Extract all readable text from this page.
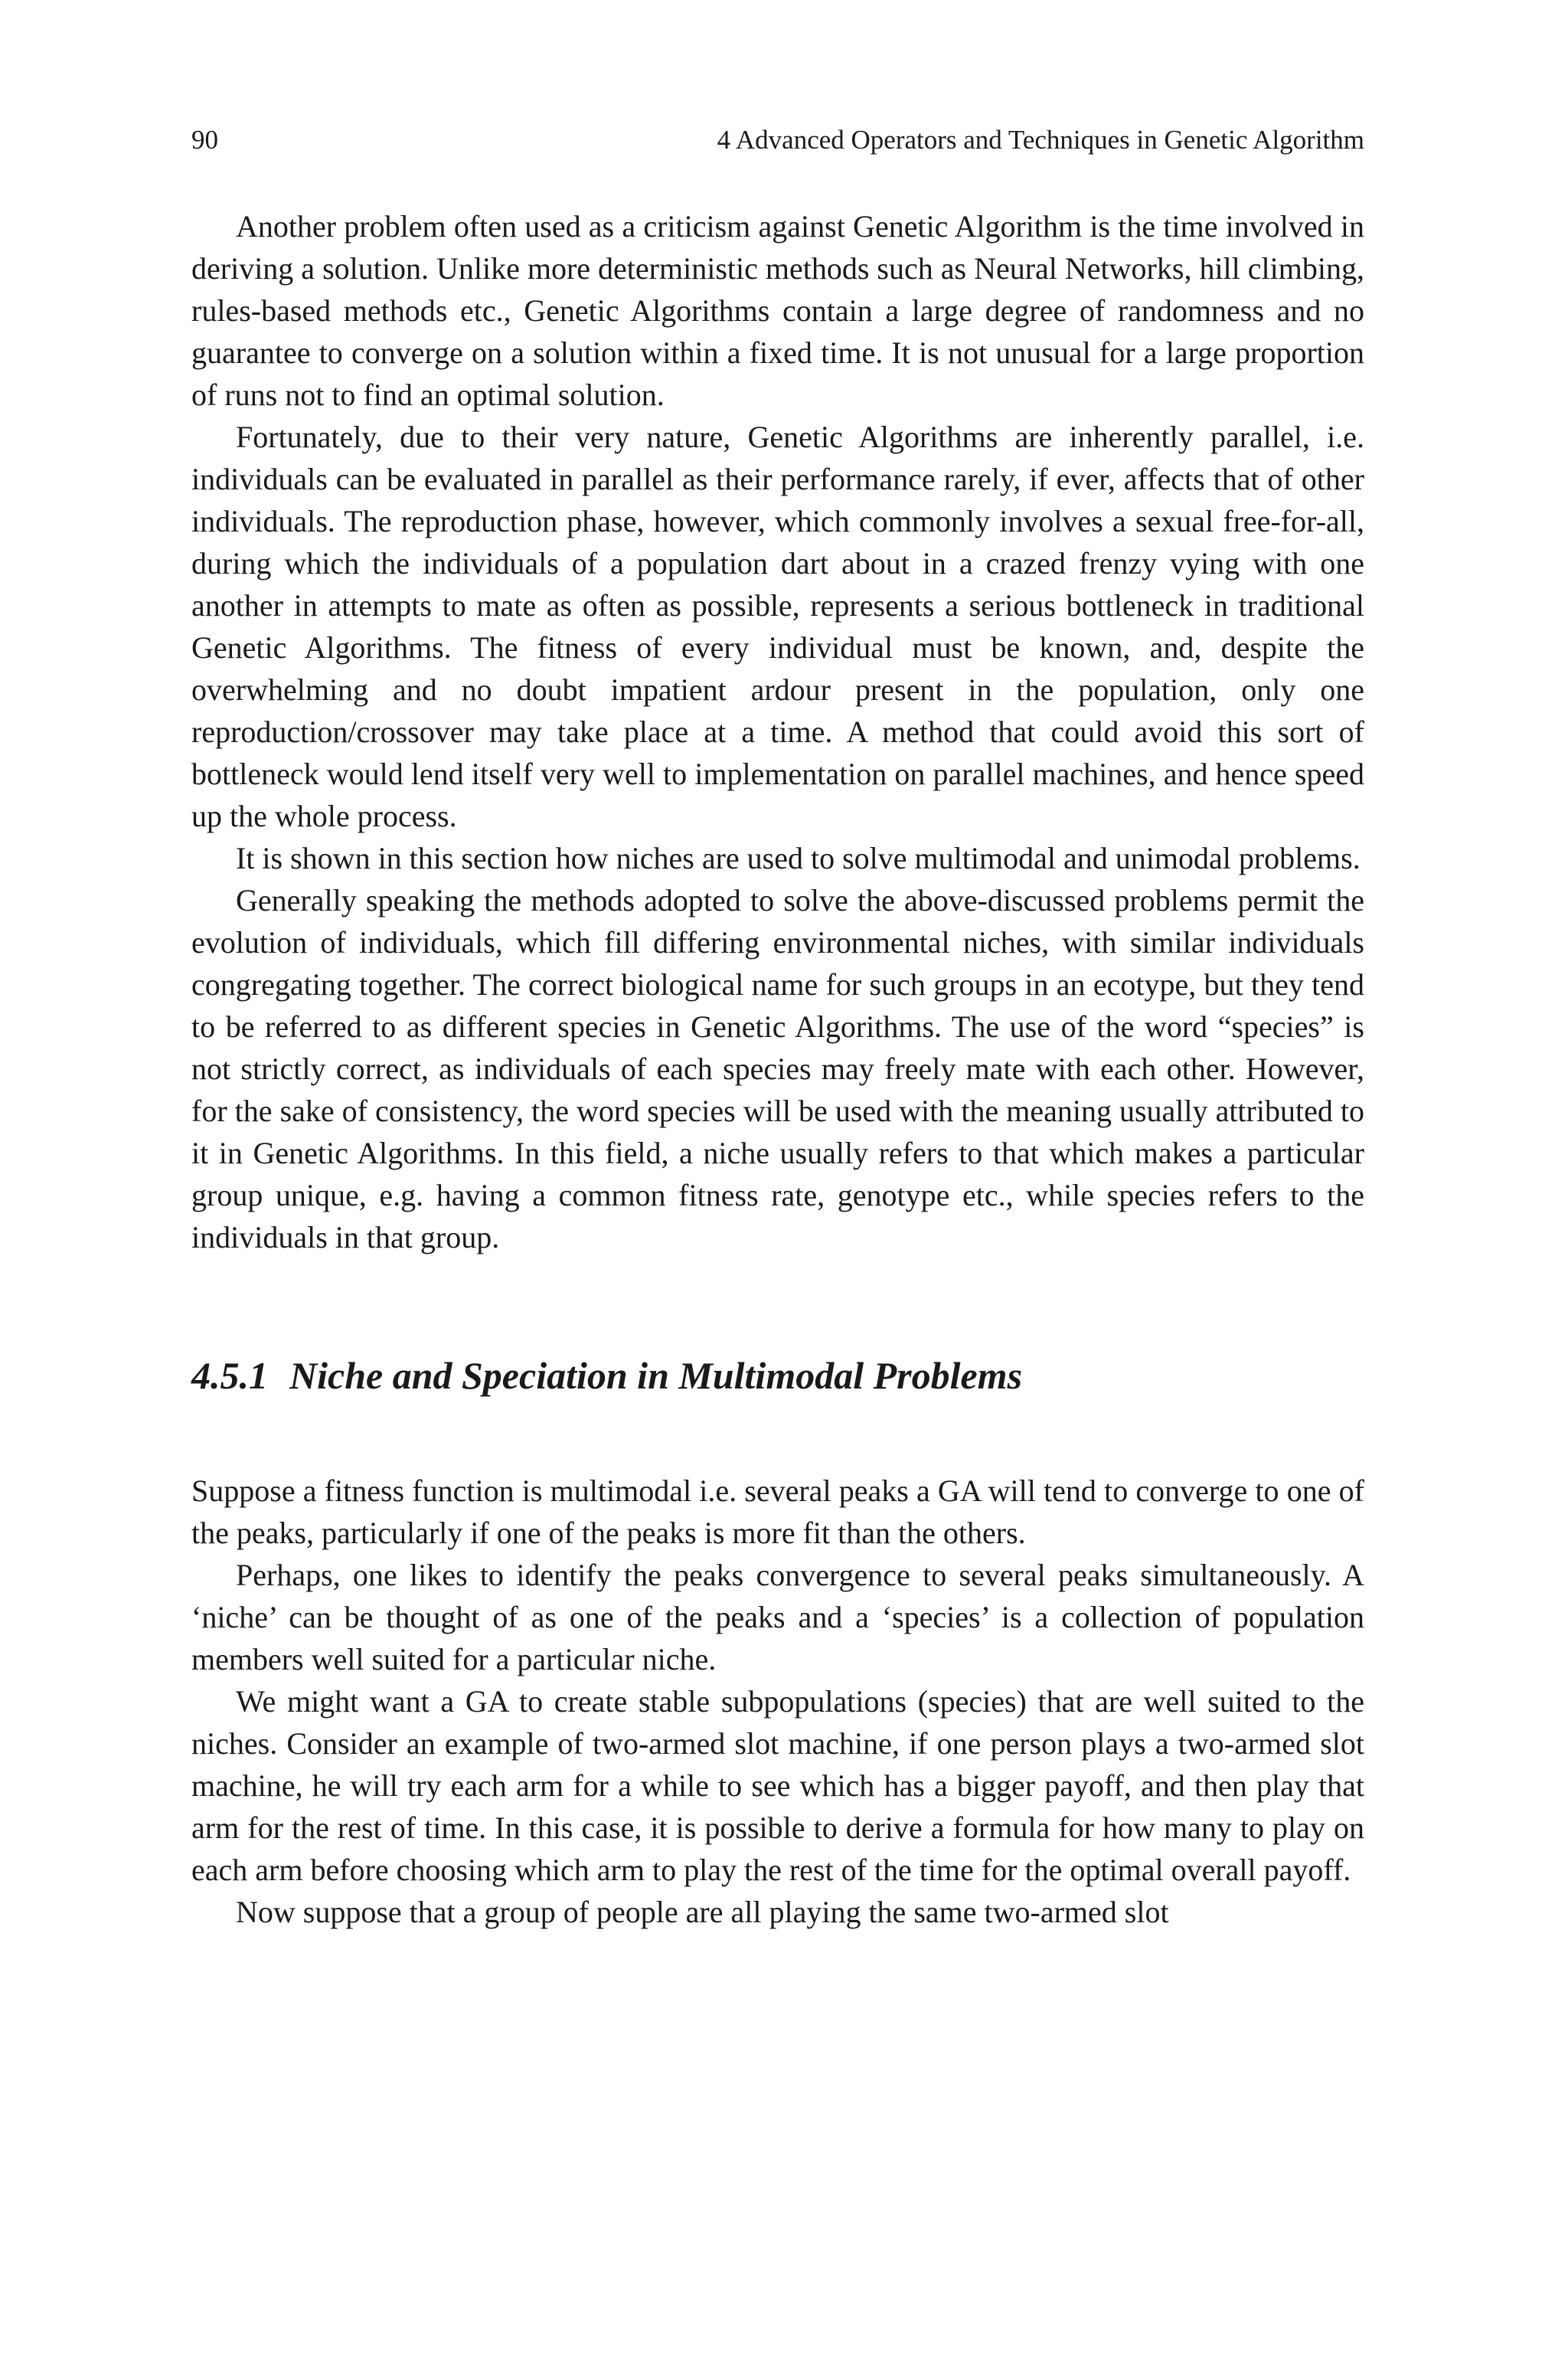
90	4 Advanced Operators and Techniques in Genetic Algorithm

Another problem often used as a criticism against Genetic Algorithm is the time involved in deriving a solution. Unlike more deterministic methods such as Neural Networks, hill climbing, rules-based methods etc., Genetic Algorithms contain a large degree of randomness and no guarantee to converge on a solution within a fixed time. It is not unusual for a large proportion of runs not to find an optimal solution.

Fortunately, due to their very nature, Genetic Algorithms are inherently parallel, i.e. individuals can be evaluated in parallel as their performance rarely, if ever, affects that of other individuals. The reproduction phase, however, which commonly involves a sexual free-for-all, during which the individuals of a population dart about in a crazed frenzy vying with one another in attempts to mate as often as possible, represents a serious bottleneck in traditional Genetic Algorithms. The fitness of every individual must be known, and, despite the overwhelming and no doubt impatient ardour present in the population, only one reproduction/crossover may take place at a time. A method that could avoid this sort of bottleneck would lend itself very well to implementation on parallel machines, and hence speed up the whole process.

It is shown in this section how niches are used to solve multimodal and unimodal problems.

Generally speaking the methods adopted to solve the above-discussed problems permit the evolution of individuals, which fill differing environmental niches, with similar individuals congregating together. The correct biological name for such groups in an ecotype, but they tend to be referred to as different species in Genetic Algorithms. The use of the word “species” is not strictly correct, as individuals of each species may freely mate with each other. However, for the sake of consistency, the word species will be used with the meaning usually attributed to it in Genetic Algorithms. In this field, a niche usually refers to that which makes a particular group unique, e.g. having a common fitness rate, genotype etc., while species refers to the individuals in that group.

4.5.1 Niche and Speciation in Multimodal Problems

Suppose a fitness function is multimodal i.e. several peaks a GA will tend to converge to one of the peaks, particularly if one of the peaks is more fit than the others.

Perhaps, one likes to identify the peaks convergence to several peaks simultaneously. A ‘niche’ can be thought of as one of the peaks and a ‘species’ is a collection of population members well suited for a particular niche.

We might want a GA to create stable subpopulations (species) that are well suited to the niches. Consider an example of two-armed slot machine, if one person plays a two-armed slot machine, he will try each arm for a while to see which has a bigger payoff, and then play that arm for the rest of time. In this case, it is possible to derive a formula for how many to play on each arm before choosing which arm to play the rest of the time for the optimal overall payoff.

Now suppose that a group of people are all playing the same two-armed slot
